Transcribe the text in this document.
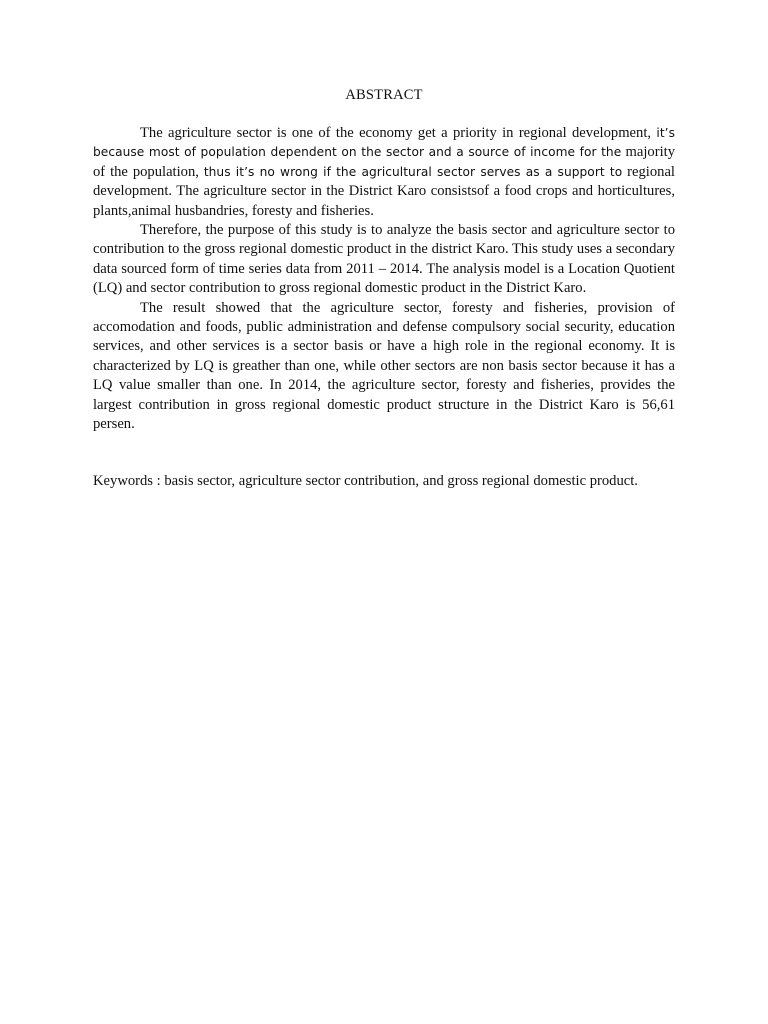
ABSTRACT

The agriculture sector is one of the economy get a priority in regional development, it’s because most of population dependent on the sector and a source of income for the majority of the population, thus it’s no wrong if the agricultural sector serves as a support to regional development. The agriculture sector in the District Karo consistsof a food crops and horticultures, plants,animal husbandries, foresty and fisheries.

Therefore, the purpose of this study is to analyze the basis sector and agriculture sector to contribution to the gross regional domestic product in the district Karo. This study uses a secondary data sourced form of time series data from 2011 – 2014. The analysis model is a Location Quotient (LQ) and sector contribution to gross regional domestic product in the District Karo.

The result showed that the agriculture sector, foresty and fisheries, provision of accomodation and foods, public administration and defense compulsory social security, education services, and other services is a sector basis or have a high role in the regional economy. It is characterized by LQ is greather than one, while other sectors are non basis sector because it has a LQ value smaller than one. In 2014, the agriculture sector, foresty and fisheries, provides the largest contribution in gross regional domestic product structure in the District Karo is 56,61 persen.

Keywords : basis sector, agriculture sector contribution, and gross regional domestic product.
